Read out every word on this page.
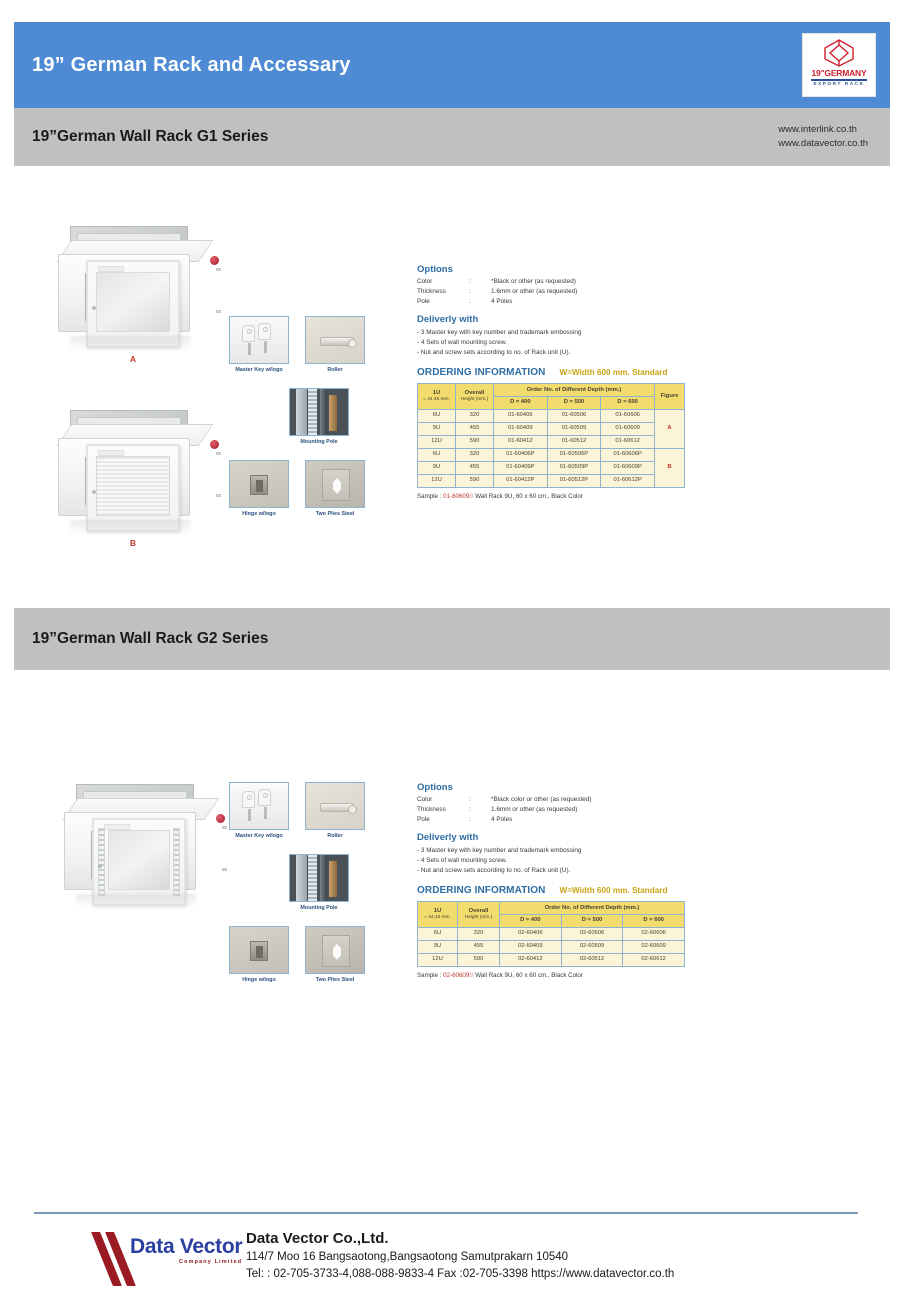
19” German Rack and Accessary	19"GERMANY
EXPORT RACK
19”German Wall Rack G1 Series	www.interlink.co.th
www.datavector.co.th
A
B
Master Key w/logo	Roller
Mounting Pole
Hinge w/logo	Two Plies Steel
Options
Color	:	*Black or other (as requested)
Thickness	:	1.6mm or other (as requested)
Pole	:	4 Poles
Deliverly with
- 3 Master key with key number and trademark embossing
- 4 Sets of wall mounting screw.
- Nut and screw sets according to no. of Rack unit (U).
ORDERING INFORMATION W=Width 600 mm. Standard
1U
= 44.45 mm.	Overall
Height (mm.)	Order No. of Different Depth (mm.)			Figure
		D = 400	D = 500	D = 600	
6U	320	01-60406	01-60506	01-60606	A
9U	455	01-60409	01-60509	01-60609	
12U	590	01-60412	01-60512	01-60612	
6U	320	01-60406P	01-60506P	01-60606P	B
9U	455	01-60409P	01-60509P	01-60609P	
12U	590	01-60412P	01-60512P	01-60612P	
Sample : 01-60609B Wall Rack 9U, 60 x 60 cm., Black Color
19”German Wall Rack G2 Series
Master Key w/logo	Roller
Mounting Pole
Hinge w/logo	Two Plies Steel
Options
Color	:	*Black color or other (as requested)
Thickness	:	1.6mm or other (as requested)
Pole	:	4 Poles
Deliverly with
- 3 Master key with key number and trademark embossing
- 4 Sets of wall mounting screw.
- Nut and screw sets according to no. of Rack unit (U).
ORDERING INFORMATION W=Width 600 mm. Standard
1U
= 44.45 mm.	Overall
Height (mm.)	Order No. of Different Depth (mm.)		
		D = 400	D = 500	D = 600
6U	320	02-60406	02-60506	02-60606
9U	455	02-60409	02-60509	02-60609
12U	590	02-60412	02-60512	02-60612
Sample : 02-60609B Wall Rack 9U, 60 x 60 cm., Black Color
Data Vector
Company Limited
Data Vector Co.,Ltd.
114/7 Moo 16 Bangsaotong,Bangsaotong Samutprakarn 10540
Tel: : 02-705-3733-4,088-088-9833-4 Fax :02-705-3398 https://www.datavector.co.th
